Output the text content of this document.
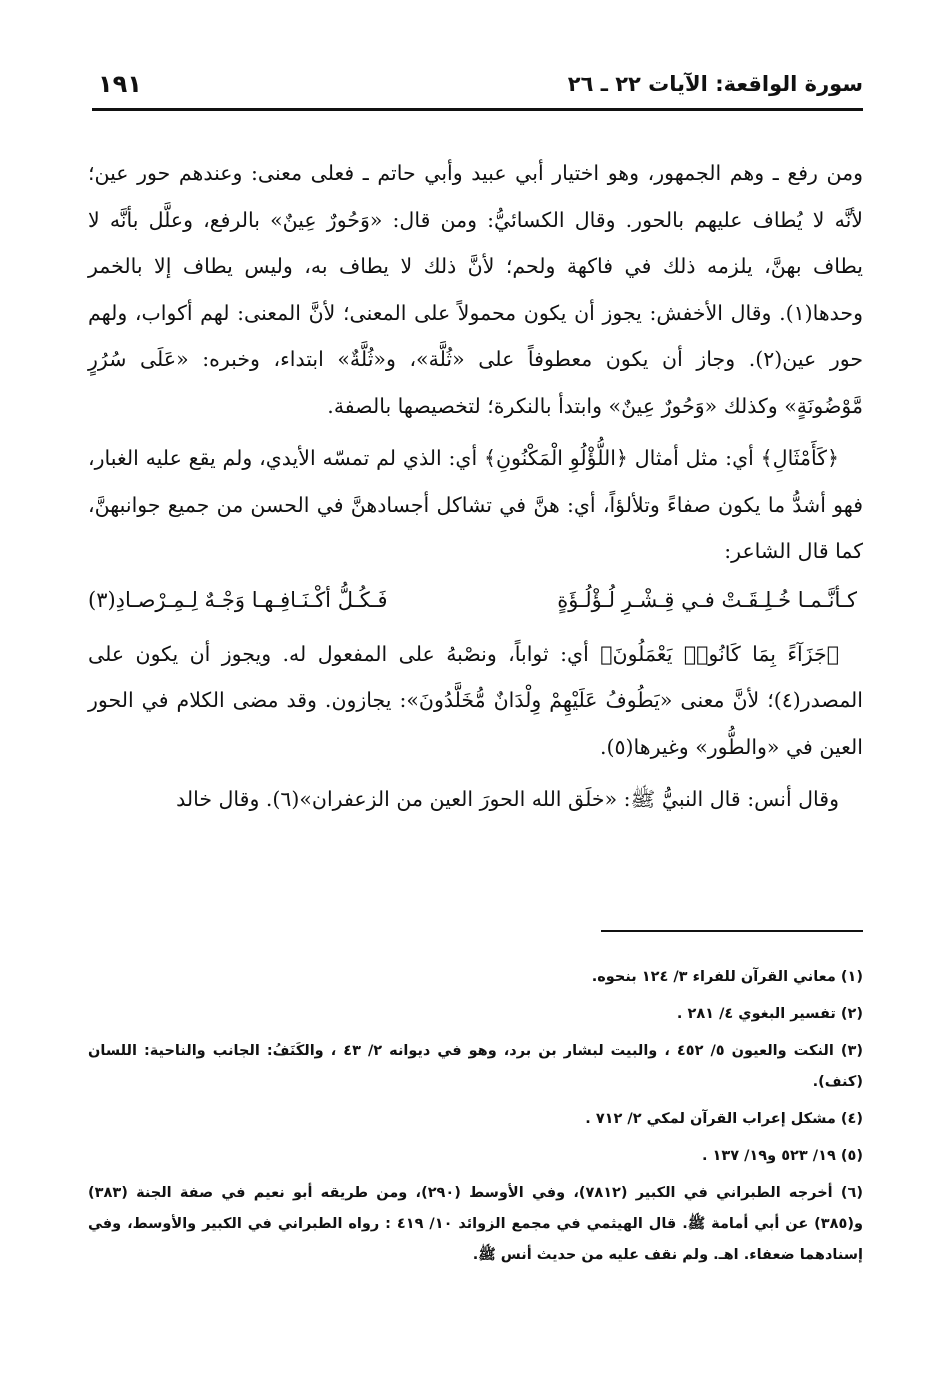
سورة الواقعة: الآيات ٢٢ ـ ٢٦
١٩١

ومن رفع ـ وهم الجمهور، وهو اختيار أبي عبيد وأبي حاتم ـ فعلى معنى: وعندهم حور عين؛ لأنَّه لا يُطاف عليهم بالحور. وقال الكسائيُّ: ومن قال: «وَحُورٌ عِينٌ» بالرفع، وعلَّل بأنَّه لا يطاف بهنَّ، يلزمه ذلك في فاكهة ولحم؛ لأنَّ ذلك لا يطاف به، وليس يطاف إلا بالخمر وحدها(١). وقال الأخفش: يجوز أن يكون محمولاً على المعنى؛ لأنَّ المعنى: لهم أكواب، ولهم حور عين(٢). وجاز أن يكون معطوفاً على «ثُلَّة»، و«ثُلَّةٌ» ابتداء، وخبره: «عَلَى سُرُرٍ مَّوْضُونَةٍ» وكذلك «وَحُورٌ عِينٌ» وابتدأ بالنكرة؛ لتخصيصها بالصفة.

﴿كَأَمْثَالِ﴾ أي: مثل أمثال ﴿اللُّؤْلُوِ الْمَكْنُونِ﴾ أي: الذي لم تمسّه الأيدي، ولم يقع عليه الغبار، فهو أشدُّ ما يكون صفاءً وتلألؤاً، أي: هنَّ في تشاكل أجسادهنَّ في الحسن من جميع جوانبهنَّ، كما قال الشاعر:

كـأنَّـمـا خُـلِـقَـتْ فـي قِـشْـرِ لُـؤْلُـؤَةٍ
فَـكُـلُّ أكْـنَـافِـهـا وَجْـهٌ لِـمِـرْصـادِ(٣)

﴿جَزَآءً بِمَا كَانُوا۟ يَعْمَلُونَ﴾ أي: ثواباً، ونصْبهُ على المفعول له. ويجوز أن يكون على المصدر(٤)؛ لأنَّ معنى «يَطُوفُ عَلَيْهِمْ وِلْدَانٌ مُّخَلَّدُونَ»: يجازون. وقد مضى الكلام في الحور العين في «والطُّور» وغيرها(٥).

وقال أنس: قال النبيُّ ﷺ: «خلَق الله الحورَ العين من الزعفران»(٦). وقال خالد

(١) معاني القرآن للفراء ٣/ ١٢٤ بنحوه.

(٢) تفسير البغوي ٤/ ٢٨١ .

(٣) النكت والعيون ٥/ ٤٥٢ ، والبيت لبشار بن برد، وهو في ديوانه ٢/ ٤٣ ، والكَنَفُ: الجانب والناحية: اللسان (كنف).

(٤) مشكل إعراب القرآن لمكي ٢/ ٧١٢ .

(٥) ١٩/ ٥٢٣ و١٩/ ١٣٧ .

(٦) أخرجه الطبراني في الكبير (٧٨١٢)، وفي الأوسط (٢٩٠)، ومن طريقه أبو نعيم في صفة الجنة (٣٨٣) و(٣٨٥) عن أبي أمامة ﷺ. قال الهيثمي في مجمع الزوائد ١٠/ ٤١٩ : رواه الطبراني في الكبير والأوسط، وفي إسنادهما ضعفاء. اهـ. ولم نقف عليه من حديث أنس ﷺ.
